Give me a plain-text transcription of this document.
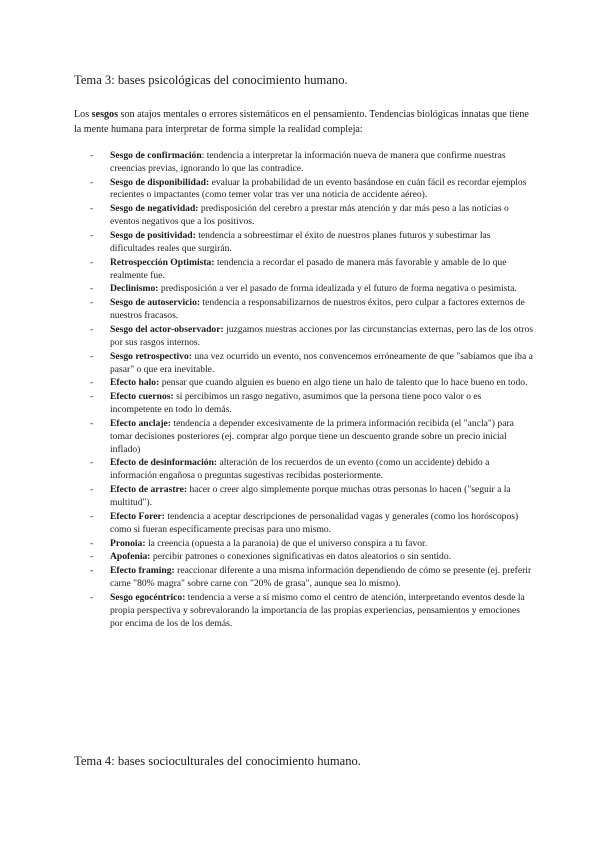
Tema 3: bases psicológicas del conocimiento humano.

Los sesgos son atajos mentales o errores sistemáticos en el pensamiento. Tendencias biológicas innatas que tiene la mente humana para interpretar de forma simple la realidad compleja:

- Sesgo de confirmación: tendencia a interpretar la información nueva de manera que confirme nuestras creencias previas, ignorando lo que las contradice.
- Sesgo de disponibilidad: evaluar la probabilidad de un evento basándose en cuán fácil es recordar ejemplos recientes o impactantes (como temer volar tras ver una noticia de accidente aéreo).
- Sesgo de negatividad: predisposición del cerebro a prestar más atención y dar más peso a las noticias o eventos negativos que a los positivos.
- Sesgo de positividad: tendencia a sobreestimar el éxito de nuestros planes futuros y subestimar las dificultades reales que surgirán.
- Retrospección Optimista: tendencia a recordar el pasado de manera más favorable y amable de lo que realmente fue.
- Declinismo: predisposición a ver el pasado de forma idealizada y el futuro de forma negativa o pesimista.
- Sesgo de autoservicio: tendencia a responsabilizarnos de nuestros éxitos, pero culpar a factores externos de nuestros fracasos.
- Sesgo del actor-observador: juzgamos nuestras acciones por las circunstancias externas, pero las de los otros por sus rasgos internos.
- Sesgo retrospectivo: una vez ocurrido un evento, nos convencemos erróneamente de que "sabíamos que iba a pasar" o que era inevitable.
- Efecto halo: pensar que cuando alguien es bueno en algo tiene un halo de talento que lo hace bueno en todo.
- Efecto cuernos: si percibimos un rasgo negativo, asumimos que la persona tiene poco valor o es incompetente en todo lo demás.
- Efecto anclaje: tendencia a depender excesivamente de la primera información recibida (el "ancla") para tomar decisiones posteriores (ej. comprar algo porque tiene un descuento grande sobre un precio inicial inflado)
- Efecto de desinformación: alteración de los recuerdos de un evento (como un accidente) debido a información engañosa o preguntas sugestivas recibidas posteriormente.
- Efecto de arrastre: hacer o creer algo simplemente porque muchas otras personas lo hacen ("seguir a la multitud").
- Efecto Forer: tendencia a aceptar descripciones de personalidad vagas y generales (como los horóscopos) como si fueran específicamente precisas para uno mismo.
- Pronoia: la creencia (opuesta a la paranoia) de que el universo conspira a tu favor.
- Apofenia: percibir patrones o conexiones significativas en datos aleatorios o sin sentido.
- Efecto framing: reaccionar diferente a una misma información dependiendo de cómo se presente (ej. preferir carne "80% magra" sobre carne con "20% de grasa", aunque sea lo mismo).
- Sesgo egocéntrico: tendencia a verse a sí mismo como el centro de atención, interpretando eventos desde la propia perspectiva y sobrevalorando la importancia de las propias experiencias, pensamientos y emociones por encima de los de los demás.
Tema 4: bases socioculturales del conocimiento humano.
